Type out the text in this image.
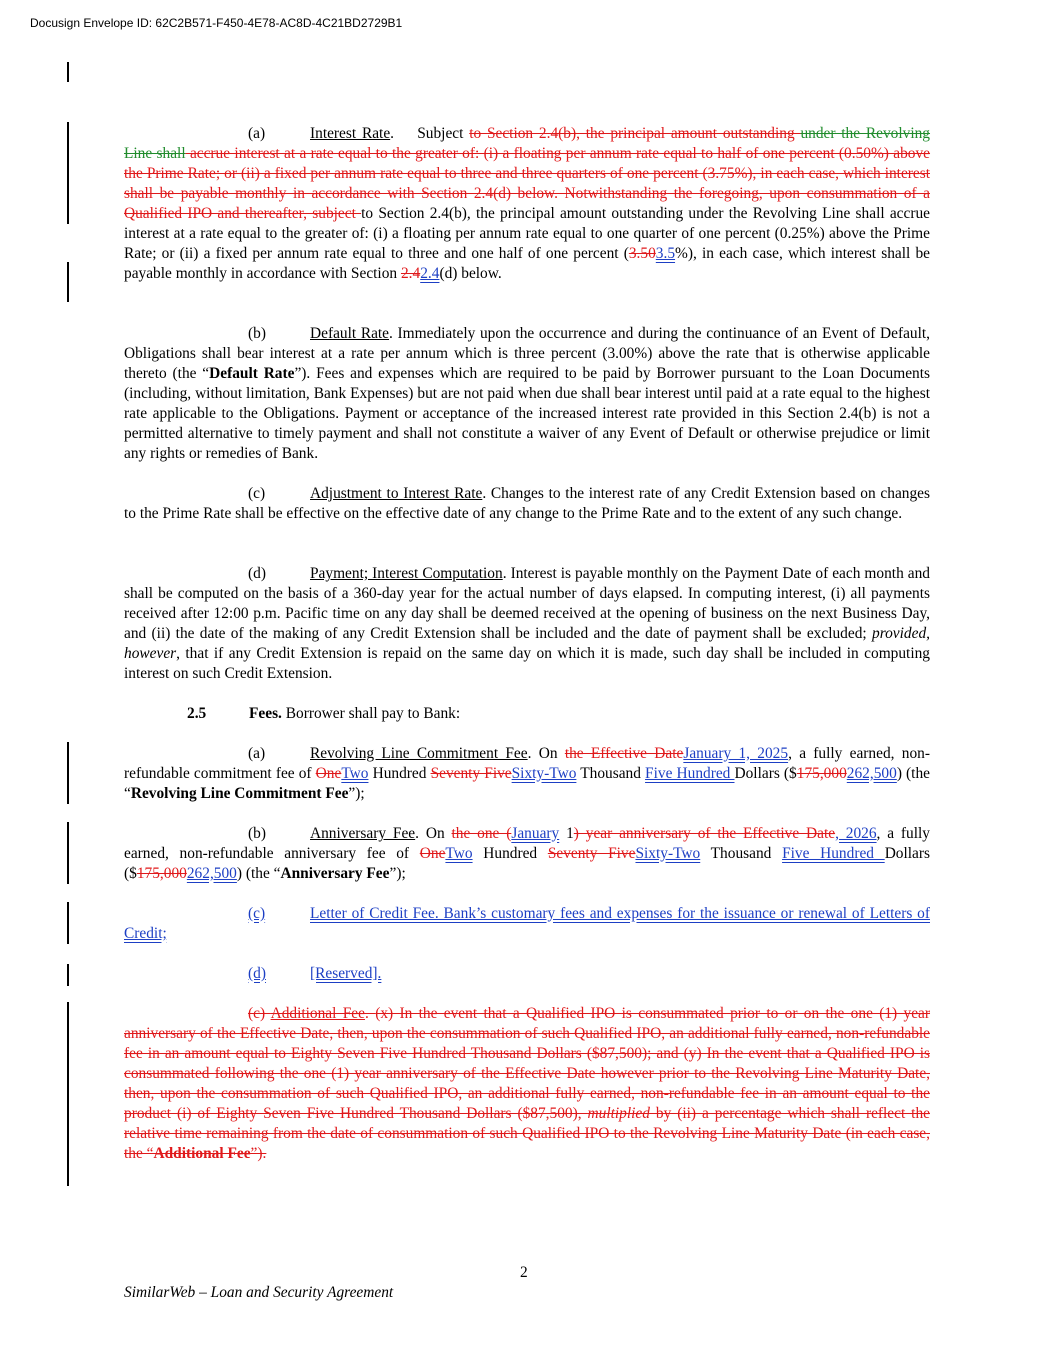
Docusign Envelope ID: 62C2B571-F450-4E78-AC8D-4C21BD2729B1

(a)	Interest Rate. Subject to Section 2.4(b), the principal amount outstanding under the Revolving Line shall accrue interest at a rate equal to the greater of: (i) a floating per annum rate equal to half of one percent (0.50%) above the Prime Rate; or (ii) a fixed per annum rate equal to three and three quarters of one percent (3.75%), in each case, which interest shall be payable monthly in accordance with Section 2.4(d) below. Notwithstanding the foregoing, upon consummation of a Qualified IPO and thereafter, subject to Section 2.4(b), the principal amount outstanding under the Revolving Line shall accrue interest at a rate equal to the greater of: (i) a floating per annum rate equal to one quarter of one percent (0.25%) above the Prime Rate; or (ii) a fixed per annum rate equal to three and one half of one percent (3.503.5%), in each case, which interest shall be payable monthly in accordance with Section 2.42.4(d) below.

(b)	Default Rate. Immediately upon the occurrence and during the continuance of an Event of Default, Obligations shall bear interest at a rate per annum which is three percent (3.00%) above the rate that is otherwise applicable thereto (the “Default Rate”). Fees and expenses which are required to be paid by Borrower pursuant to the Loan Documents (including, without limitation, Bank Expenses) but are not paid when due shall bear interest until paid at a rate equal to the highest rate applicable to the Obligations. Payment or acceptance of the increased interest rate provided in this Section 2.4(b) is not a permitted alternative to timely payment and shall not constitute a waiver of any Event of Default or otherwise prejudice or limit any rights or remedies of Bank.

(c)	Adjustment to Interest Rate. Changes to the interest rate of any Credit Extension based on changes to the Prime Rate shall be effective on the effective date of any change to the Prime Rate and to the extent of any such change.

(d)	Payment; Interest Computation. Interest is payable monthly on the Payment Date of each month and shall be computed on the basis of a 360-day year for the actual number of days elapsed. In computing interest, (i) all payments received after 12:00 p.m. Pacific time on any day shall be deemed received at the opening of business on the next Business Day, and (ii) the date of the making of any Credit Extension shall be included and the date of payment shall be excluded; provided, however, that if any Credit Extension is repaid on the same day on which it is made, such day shall be included in computing interest on such Credit Extension.

2.5	Fees. Borrower shall pay to Bank:

(a)	Revolving Line Commitment Fee. On the Effective DateJanuary 1, 2025, a fully earned, non-refundable commitment fee of OneTwo Hundred Seventy FiveSixty-Two Thousand Five Hundred Dollars ($175,000262,500) (the “Revolving Line Commitment Fee”);

(b)	Anniversary Fee. On the one (January 1) year anniversary of the Effective Date, 2026, a fully earned, non-refundable anniversary fee of OneTwo Hundred Seventy FiveSixty-Two Thousand Five Hundred Dollars ($175,000262,500) (the “Anniversary Fee”);

(c)	Letter of Credit Fee. Bank’s customary fees and expenses for the issuance or renewal of Letters of Credit;

(d)	[Reserved].

(c) Additional Fee. (x) In the event that a Qualified IPO is consummated prior to or on the one (1) year anniversary of the Effective Date, then, upon the consummation of such Qualified IPO, an additional fully earned, non-refundable fee in an amount equal to Eighty Seven Five Hundred Thousand Dollars ($87,500); and (y) In the event that a Qualified IPO is consummated following the one (1) year anniversary of the Effective Date however prior to the Revolving Line Maturity Date, then, upon the consummation of such Qualified IPO, an additional fully earned, non-refundable fee in an amount equal to the product (i) of Eighty Seven Five Hundred Thousand Dollars ($87,500), multiplied by (ii) a percentage which shall reflect the relative time remaining from the date of consummation of such Qualified IPO to the Revolving Line Maturity Date (in each case, the “Additional Fee”).

2
SimilarWeb – Loan and Security Agreement
